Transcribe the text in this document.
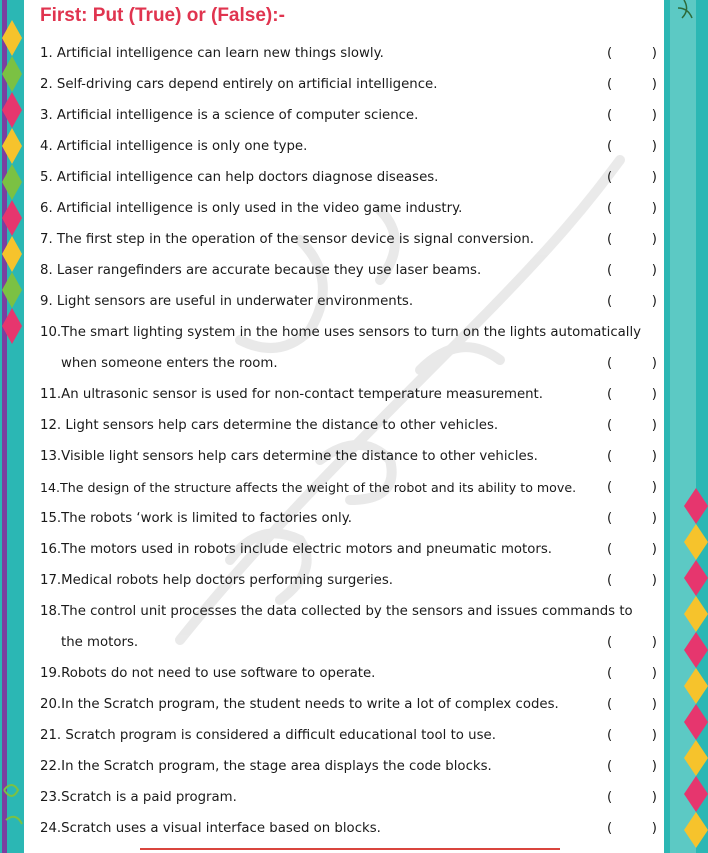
First: Put (True) or (False):-
1. Artificial intelligence can learn new things slowly.	(	)
2. Self-driving cars depend entirely on artificial intelligence.	(	)
3. Artificial intelligence is a science of computer science.	(	)
4. Artificial intelligence is only one type.	(	)
5. Artificial intelligence can help doctors diagnose diseases.	(	)
6. Artificial intelligence is only used in the video game industry.	(	)
7. The first step in the operation of the sensor device is signal conversion.	(	)
8. Laser rangefinders are accurate because they use laser beams.	(	)
9. Light sensors are useful in underwater environments.	(	)
10.The smart lighting system in the home uses sensors to turn on the lights automatically
when someone enters the room.	(	)
11.An ultrasonic sensor is used for non-contact temperature measurement.	(	)
12. Light sensors help cars determine the distance to other vehicles.	(	)
13.Visible light sensors help cars determine the distance to other vehicles.	(	)
14.The design of the structure affects the weight of the robot and its ability to move.	(	)
15.The robots ‘work is limited to factories only.	(	)
16.The motors used in robots include electric motors and pneumatic motors.	(	)
17.Medical robots help doctors performing surgeries.	(	)
18.The control unit processes the data collected by the sensors and issues commands to
the motors.	(	)
19.Robots do not need to use software to operate.	(	)
20.In the Scratch program, the student needs to write a lot of complex codes.	(	)
21. Scratch program is considered a difficult educational tool to use.	(	)
22.In the Scratch program, the stage area displays the code blocks.	(	)
23.Scratch is a paid program.	(	)
24.Scratch uses a visual interface based on blocks.	(	)
